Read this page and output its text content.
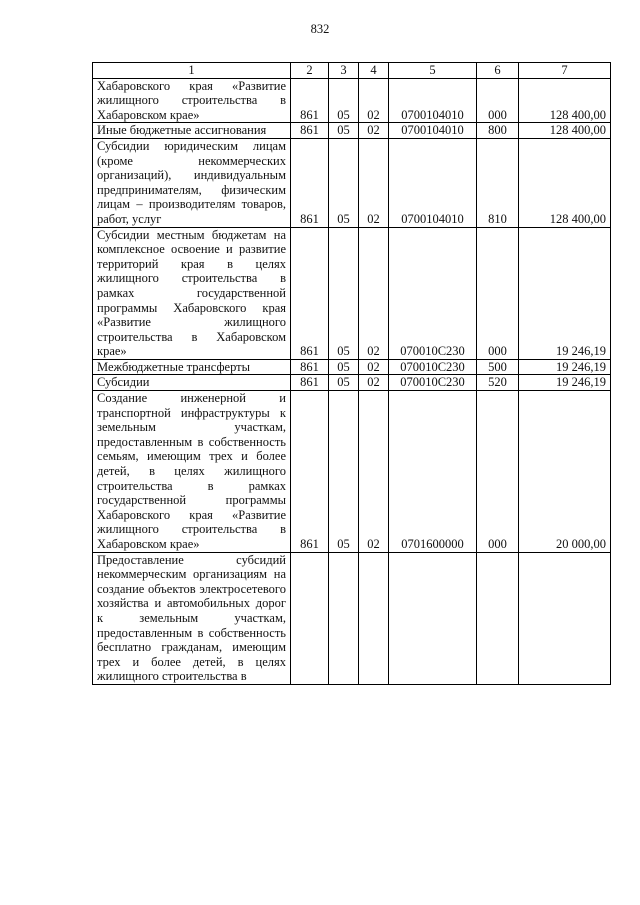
832
1	2	3	4	5	6	7
Хабаровского края «Развитие жилищного строительства в Хабаровском крае»	861	05	02	0700104010	000	128 400,00
Иные бюджетные ассигнования	861	05	02	0700104010	800	128 400,00
Субсидии юридическим лицам (кроме некоммерческих организаций), индивидуальным предпринимателям, физическим лицам – производителям товаров, работ, услуг	861	05	02	0700104010	810	128 400,00
Субсидии местным бюджетам на комплексное освоение и развитие территорий края в целях жилищного строительства в рамках государственной программы Хабаровского края «Развитие жилищного строительства в Хабаровском крае»	861	05	02	070010С230	000	19 246,19
Межбюджетные трансферты	861	05	02	070010С230	500	19 246,19
Субсидии	861	05	02	070010С230	520	19 246,19
Создание инженерной и транспортной инфраструктуры к земельным участкам, предоставленным в собственность семьям, имеющим трех и более детей, в целях жилищного строительства в рамках государственной программы Хабаровского края «Развитие жилищного строительства в Хабаровском крае»	861	05	02	0701600000	000	20 000,00
Предоставление субсидий некоммерческим организациям на создание объектов электросетевого хозяйства и автомобильных дорог к земельным участкам, предоставленным в собственность бесплатно гражданам, имеющим трех и более детей, в целях жилищного строительства в						
